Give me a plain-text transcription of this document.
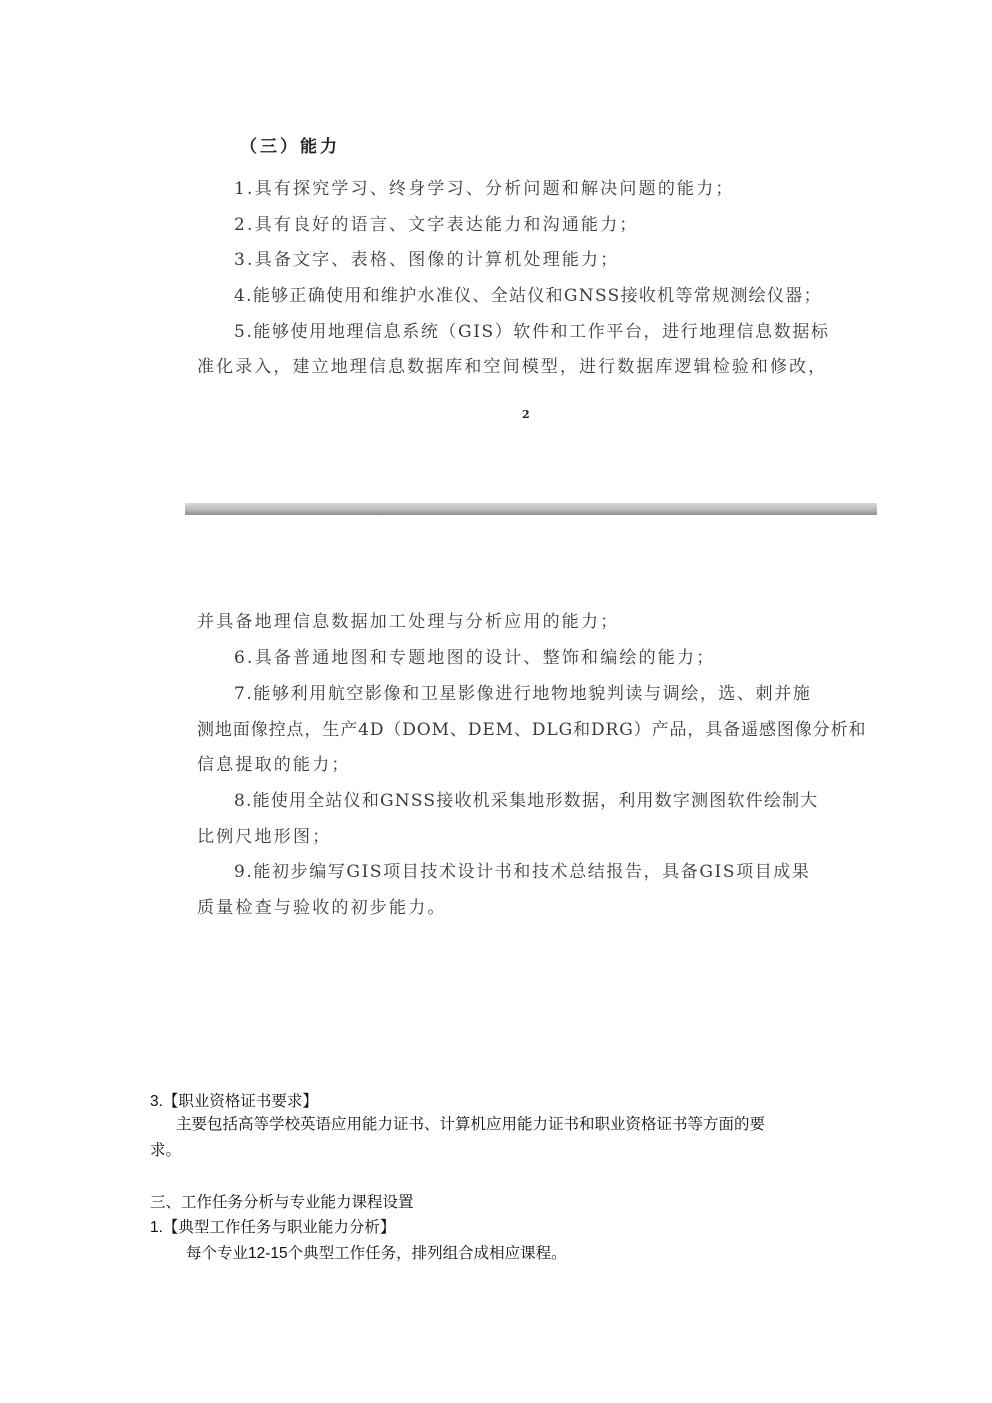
（三）能力
1.具有探究学习、终身学习、分析问题和解决问题的能力；
2.具有良好的语言、文字表达能力和沟通能力；
3.具备文字、表格、图像的计算机处理能力；
4.能够正确使用和维护水准仪、全站仪和GNSS接收机等常规测绘仪器；
5.能够使用地理信息系统（GIS）软件和工作平台，进行地理信息数据标
准化录入，建立地理信息数据库和空间模型，进行数据库逻辑检验和修改，
2
并具备地理信息数据加工处理与分析应用的能力；
6.具备普通地图和专题地图的设计、整饰和编绘的能力；
7.能够利用航空影像和卫星影像进行地物地貌判读与调绘，选、刺并施
测地面像控点，生产4D（DOM、DEM、DLG和DRG）产品，具备遥感图像分析和
信息提取的能力；
8.能使用全站仪和GNSS接收机采集地形数据，利用数字测图软件绘制大
比例尺地形图；
9.能初步编写GIS项目技术设计书和技术总结报告，具备GIS项目成果
质量检查与验收的初步能力。
3.【职业资格证书要求】
主要包括高等学校英语应用能力证书、计算机应用能力证书和职业资格证书等方面的要
求。
三、工作任务分析与专业能力课程设置
1.【典型工作任务与职业能力分析】
每个专业12-15个典型工作任务，排列组合成相应课程。
